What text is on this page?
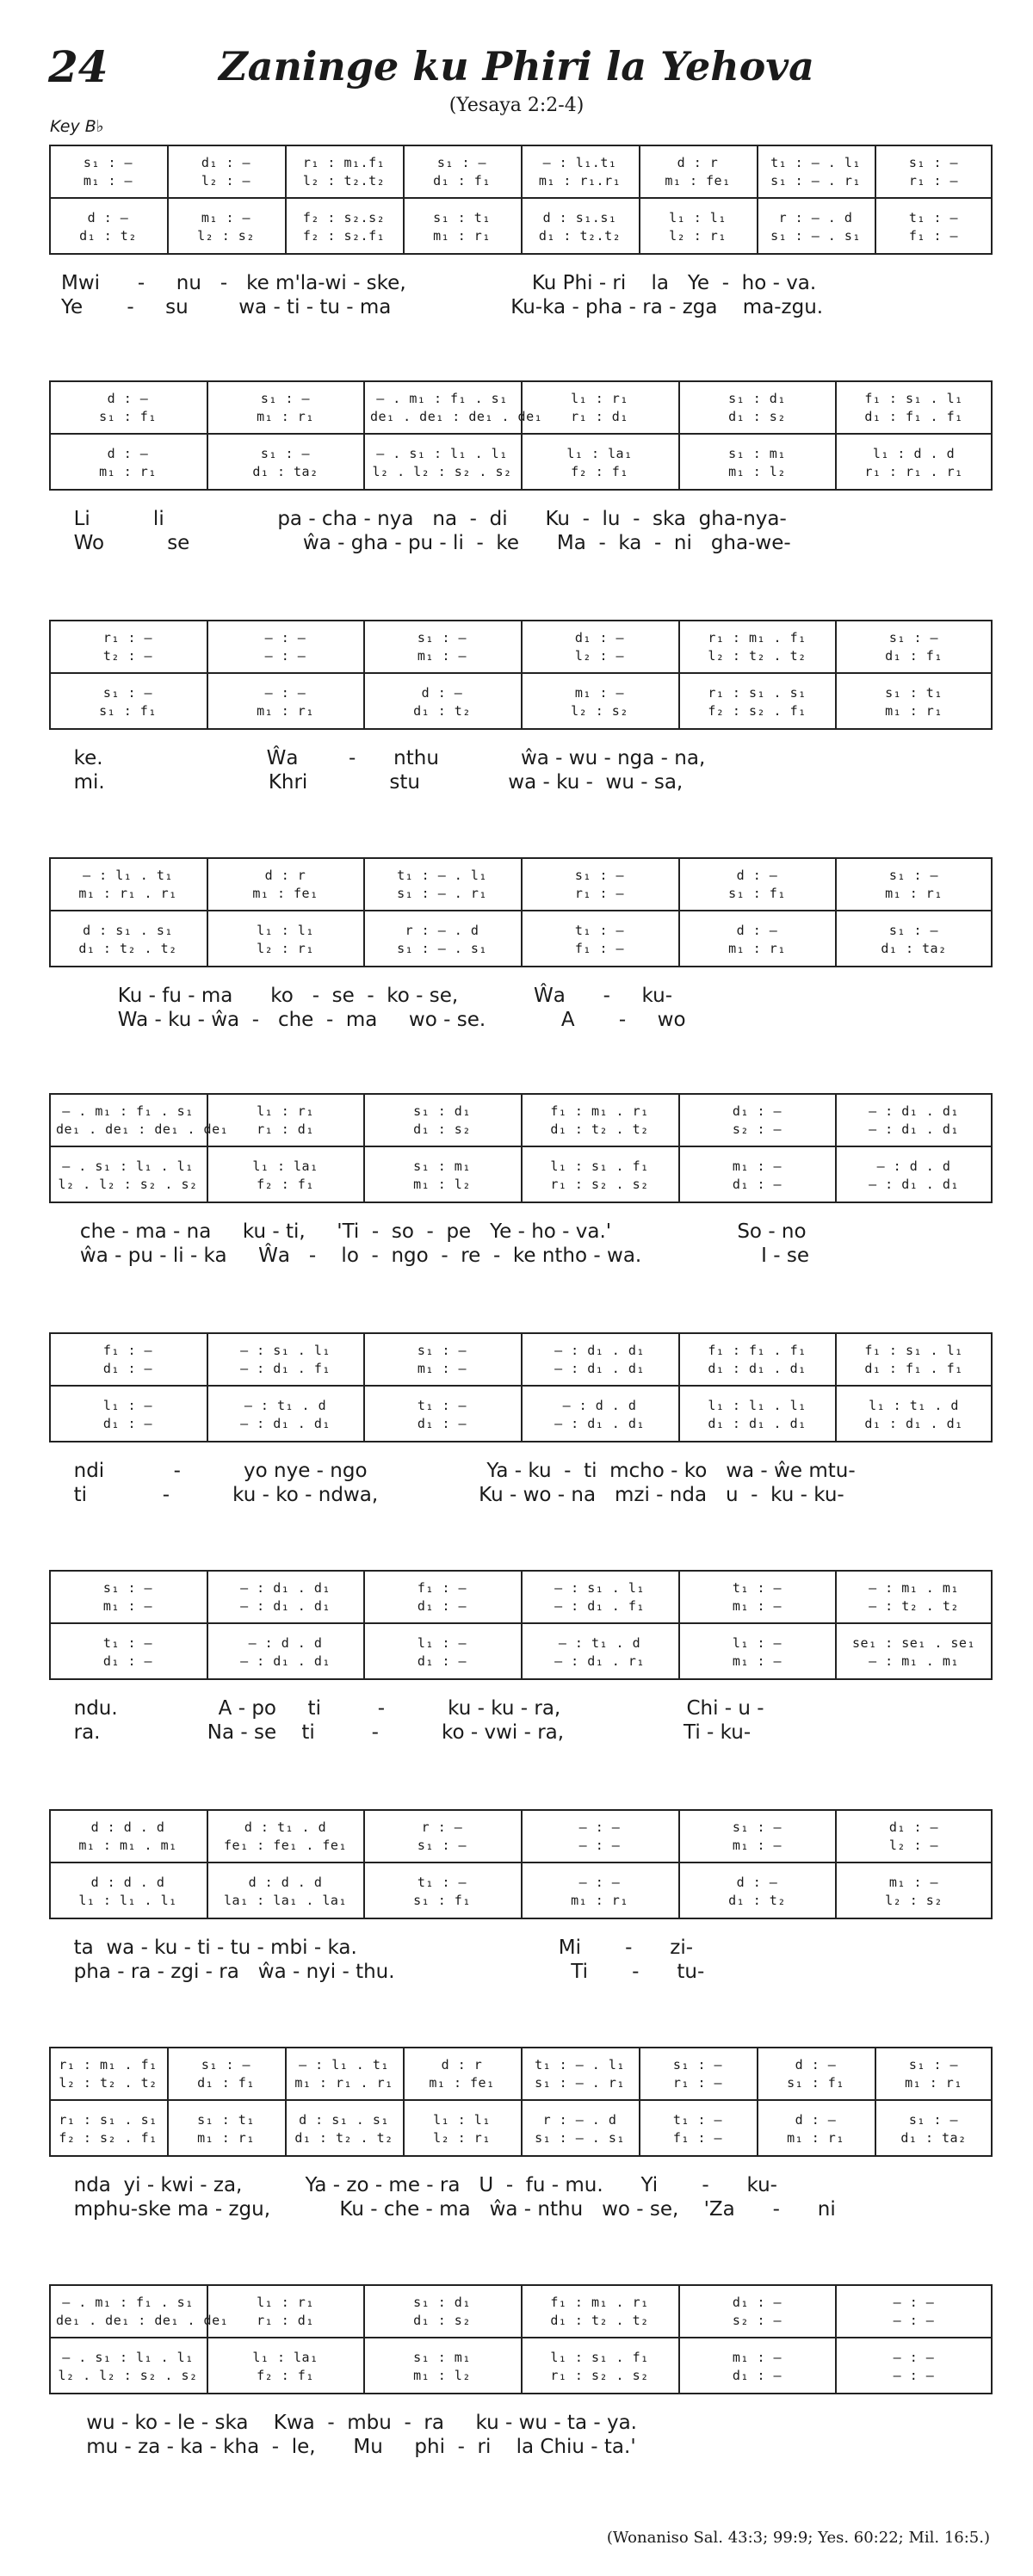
24	Zaninge ku Phiri la Yehova
(Yesaya 2:2-4)
Key B♭
s₁ : —
m₁ : —
d : —
d₁ : t₂
d₁ : —
l₂ : —
m₁ : —
l₂ : s₂
r₁ : m₁.f₁
l₂ : t₂.t₂
f₂ : s₂.s₂
f₂ : s₂.f₁
s₁ : —
d₁ : f₁
s₁ : t₁
m₁ : r₁
— : l₁.t₁
m₁ : r₁.r₁
d : s₁.s₁
d₁ : t₂.t₂
d : r
m₁ : fe₁
l₁ : l₁
l₂ : r₁
t₁ : – . l₁
s₁ : – . r₁
r : – . d
s₁ : – . s₁
s₁ : —
r₁ : —
t₁ : —
f₁ : —
Mwi      -     nu   -   ke m'la-wi - ske,                    Ku Phi - ri    la   Ye  -  ho - va.
Ye       -     su        wa - ti - tu - ma                   Ku-ka - pha - ra - zga    ma-zgu.
d : —
s₁ : f₁
d : —
m₁ : r₁
s₁ : —
m₁ : r₁
s₁ : —
d₁ : ta₂
– . m₁ : f₁ . s₁
de₁ . de₁ : de₁ . de₁
– . s₁ : l₁ . l₁
l₂ . l₂ : s₂ . s₂
l₁ : r₁
r₁ : d₁
l₁ : la₁
f₂ : f₁
s₁ : d₁
d₁ : s₂
s₁ : m₁
m₁ : l₂
f₁ : s₁ . l₁
d₁ : f₁ . f₁
l₁ : d . d
r₁ : r₁ . r₁
Li          li                  pa - cha - nya   na  -  di      Ku  -  lu  -  ska  gha-nya-
Wo          se                  ŵa - gha - pu - li  -  ke      Ma  -  ka  -  ni   gha-we-
r₁ : —
t₂ : —
s₁ : —
s₁ : f₁
— : —
— : —
— : —
m₁ : r₁
s₁ : —
m₁ : —
d : —
d₁ : t₂
d₁ : —
l₂ : —
m₁ : —
l₂ : s₂
r₁ : m₁ . f₁
l₂ : t₂ . t₂
r₁ : s₁ . s₁
f₂ : s₂ . f₁
s₁ : —
d₁ : f₁
s₁ : t₁
m₁ : r₁
ke.                          Ŵa        -      nthu             ŵa - wu - nga - na,
mi.                          Khri             stu              wa - ku -  wu - sa,
— : l₁ . t₁
m₁ : r₁ . r₁
d : s₁ . s₁
d₁ : t₂ . t₂
d : r
m₁ : fe₁
l₁ : l₁
l₂ : r₁
t₁ : – . l₁
s₁ : – . r₁
r : – . d
s₁ : – . s₁
s₁ : —
r₁ : —
t₁ : —
f₁ : —
d : —
s₁ : f₁
d : —
m₁ : r₁
s₁ : —
m₁ : r₁
s₁ : —
d₁ : ta₂
Ku - fu - ma      ko   -  se  -  ko - se,            Ŵa      -     ku-
Wa - ku - ŵa  -   che  -  ma     wo - se.            A       -     wo
– . m₁ : f₁ . s₁
de₁ . de₁ : de₁ . de₁
– . s₁ : l₁ . l₁
l₂ . l₂ : s₂ . s₂
l₁ : r₁
r₁ : d₁
l₁ : la₁
f₂ : f₁
s₁ : d₁
d₁ : s₂
s₁ : m₁
m₁ : l₂
f₁ : m₁ . r₁
d₁ : t₂ . t₂
l₁ : s₁ . f₁
r₁ : s₂ . s₂
d₁ : —
s₂ : —
m₁ : —
d₁ : —
— : d₁ . d₁
— : d₁ . d₁
— : d . d
— : d₁ . d₁
che - ma - na     ku - ti,     'Ti  -  so  -  pe   Ye - ho - va.'                    So - no
ŵa - pu - li - ka     Ŵa   -    lo  -  ngo  -  re  -  ke ntho - wa.                   I - se
f₁ : —
d₁ : —
l₁ : —
d₁ : —
— : s₁ . l₁
— : d₁ . f₁
— : t₁ . d
— : d₁ . d₁
s₁ : —
m₁ : —
t₁ : —
d₁ : —
— : d₁ . d₁
— : d₁ . d₁
— : d . d
— : d₁ . d₁
f₁ : f₁ . f₁
d₁ : d₁ . d₁
l₁ : l₁ . l₁
d₁ : d₁ . d₁
f₁ : s₁ . l₁
d₁ : f₁ . f₁
l₁ : t₁ . d
d₁ : d₁ . d₁
ndi           -          yo nye - ngo                   Ya - ku  -  ti  mcho - ko   wa - ŵe mtu-
ti            -          ku - ko - ndwa,                Ku - wo - na   mzi - nda   u  -  ku - ku-
s₁ : —
m₁ : —
t₁ : —
d₁ : —
— : d₁ . d₁
— : d₁ . d₁
— : d . d
— : d₁ . d₁
f₁ : —
d₁ : —
l₁ : —
d₁ : —
— : s₁ . l₁
— : d₁ . f₁
— : t₁ . d
— : d₁ . r₁
t₁ : —
m₁ : —
l₁ : —
m₁ : —
— : m₁ . m₁
— : t₂ . t₂
se₁ : se₁ . se₁
— : m₁ . m₁
ndu.                A - po     ti         -          ku - ku - ra,                    Chi - u -
ra.                 Na - se    ti         -          ko - vwi - ra,                   Ti - ku-
d : d . d
m₁ : m₁ . m₁
d : d . d
l₁ : l₁ . l₁
d : t₁ . d
fe₁ : fe₁ . fe₁
d : d . d
la₁ : la₁ . la₁
r : —
s₁ : —
t₁ : —
s₁ : f₁
— : —
— : —
— : —
m₁ : r₁
s₁ : —
m₁ : —
d : —
d₁ : t₂
d₁ : —
l₂ : —
m₁ : —
l₂ : s₂
ta  wa - ku - ti - tu - mbi - ka.                                Mi       -      zi-
pha - ra - zgi - ra   ŵa - nyi - thu.                            Ti       -      tu-
r₁ : m₁ . f₁
l₂ : t₂ . t₂
r₁ : s₁ . s₁
f₂ : s₂ . f₁
s₁ : —
d₁ : f₁
s₁ : t₁
m₁ : r₁
— : l₁ . t₁
m₁ : r₁ . r₁
d : s₁ . s₁
d₁ : t₂ . t₂
d : r
m₁ : fe₁
l₁ : l₁
l₂ : r₁
t₁ : – . l₁
s₁ : – . r₁
r : – . d
s₁ : – . s₁
s₁ : —
r₁ : —
t₁ : —
f₁ : —
d : —
s₁ : f₁
d : —
m₁ : r₁
s₁ : —
m₁ : r₁
s₁ : —
d₁ : ta₂
nda  yi - kwi - za,          Ya - zo - me - ra   U  -  fu - mu.      Yi       -      ku-
mphu-ske ma - zgu,           Ku - che - ma   ŵa - nthu   wo - se,    'Za      -      ni
– . m₁ : f₁ . s₁
de₁ . de₁ : de₁ . de₁
– . s₁ : l₁ . l₁
l₂ . l₂ : s₂ . s₂
l₁ : r₁
r₁ : d₁
l₁ : la₁
f₂ : f₁
s₁ : d₁
d₁ : s₂
s₁ : m₁
m₁ : l₂
f₁ : m₁ . r₁
d₁ : t₂ . t₂
l₁ : s₁ . f₁
r₁ : s₂ . s₂
d₁ : —
s₂ : —
m₁ : —
d₁ : —
— : —
— : —
— : —
— : —
wu - ko - le - ska    Kwa  -  mbu  -  ra     ku - wu - ta - ya.
mu - za - ka - kha  -  le,      Mu     phi  -  ri    la Chiu - ta.'
(Wonaniso Sal. 43:3; 99:9; Yes. 60:22; Mil. 16:5.)
